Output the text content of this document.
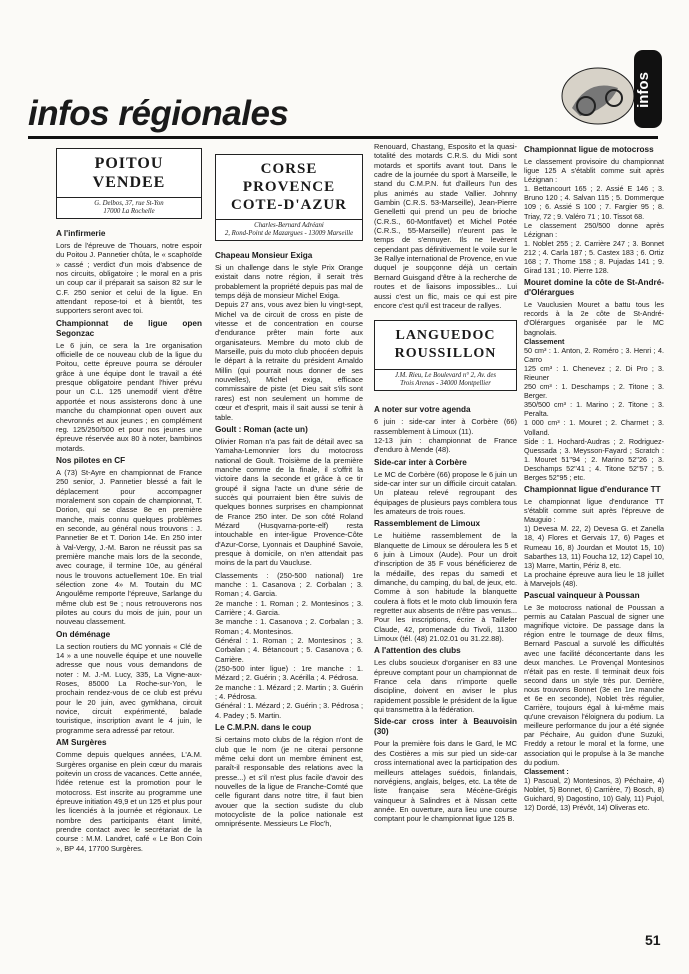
infos régionales
infos
POITOU
VENDEE
G. Delbos, 37, rue St-Yon
17000 La Rochelle
A l'infirmerie

Lors de l'épreuve de Thouars, notre espoir du Poitou J. Pannetier chûta, le « scaphoïde » cassé ; verdict d'un mois d'absence de nos circuits, obligatoire ; le moral en a pris un coup car il préparait sa saison 82 sur le C.F. 250 senior et celui de la ligue. En attendant repose-toi et à bientôt, tes supporters seront avec toi.

Championnat de ligue open Segonzac

Le 6 juin, ce sera la 1re organisation officielle de ce nouveau club de la ligue du Poitou, cette épreuve pourra se dérouler grâce à une équipe dont le travail a été presque obligatoire pendant l'hiver prévu pour un C.L. 125 unemodif vient d'être apportée et nous assisterons donc à une manche du championnat open ouvert aux chevronnés et aux jeunes ; en complément reg. 125/250/500 et pour nos jeunes une épreuve réservée aux 80 à noter, bambinos motards.

Nos pilotes en CF

A (73) St-Ayre en championnat de France 250 senior, J. Pannetier blessé a fait le déplacement pour accompagner moralement son copain de championnat, T. Dorion, qui se classe 8e en première manche, mais connu quelques problèmes en seconde, au général nous trouvons : J. Pannetier 8e et T. Dorion 14e. En 250 inter à Val-Vergy, J.-M. Baron ne réussit pas sa première manche mais lors de la seconde, avec courage, il termine 10e, au général nous le trouvons actuellement 10e. En trial sélection zone 4» M. Toutain du MC Angoulême remporte l'épreuve, Sarlange du même club est 9e ; nous retrouverons nos pilotes au cours du mois de juin, pour un nouveau classement.

On déménage

La section routiers du MC yonnais « Clé de 14 » a une nouvelle équipe et une nouvelle adresse que nous vous demandons de noter : M. J.-M. Lucy, 335, La Vigne-aux-Roses, 85000 La Roche-sur-Yon, le prochain rendez-vous de ce club est prévu pour le 20 juin, avec gymkhana, circuit novice, circuit expérimenté, balade touristique, inscription avant le 4 juin, le programme sera adressé par retour.

AM Surgères

Comme depuis quelques années, L'A.M. Surgères organise en plein cœur du marais poitevin un cross de vacances. Cette année, l'idée retenue est la promotion pour le motocross. Est inscrite au programme une épreuve initiation 49,9 et un 125 et plus pour les licenciés à la journée et régionaux. Le nombre des participants étant limité, prendre contact avec le secrétariat de la course : M.M. Landret, café « Le Bon Coin », BP 44, 17700 Surgères.

CORSE
PROVENCE
COTE-D'AZUR
Charles-Bernard Adréani
2, Rond-Point de Mazargues - 13009 Marseille
Chapeau Monsieur Exiga

Si un challenge dans le style Prix Orange existait dans notre région, il serait très probablement la propriété depuis pas mal de temps déjà de monsieur Michel Exiga.

Depuis 27 ans, vous avez bien lu vingt-sept, Michel va de circuit de cross en piste de vitesse et de concentration en course d'endurance prêter main forte aux organisateurs. Membre du moto club de Marseille, puis du moto club phocéen depuis le départ à la retraite du président Arnaldo Millin (qui pourrait nous donner de ses nouvelles), Michel exiga, efficace commissaire de piste (et Dieu sait s'ils sont rares) est non seulement un homme de cœur et d'esprit, mais il sait aussi se tenir à table.

Goult : Roman (acte un)

Olivier Roman n'a pas fait de détail avec sa Yamaha-Lemonnier lors du motocross national de Goult. Troisième de la première manche comme de la finale, il s'offrit la victoire dans la seconde et grâce à ce tir groupé il signa l'acte un d'une série de succès qui pourraient bien être suivis de quelques bonnes surprises en championnat de France 250 inter. De son côté Roland Mézard (Husqvarna-porte-elf) resta intouchable en inter-ligue Provence-Côte d'Azur-Corse, Lyonnais et Dauphiné Savoie, presque à domicile, on n'en attendait pas moins de la part du Vaucluse.

Classements : (250-500 national) 1re manche : 1. Casanova ; 2. Corbalan ; 3. Roman ; 4. Garcia.

2e manche : 1. Roman ; 2. Montesinos ; 3. Carrière ; 4. Garcia.

3e manche : 1. Casanova ; 2. Corbalan ; 3. Roman ; 4. Montesinos.

Général : 1. Roman ; 2. Montesinos ; 3. Corbalan ; 4. Bétancourt ; 5. Casanova ; 6. Carrière.

(250-500 inter ligue) : 1re manche : 1. Mézard ; 2. Guérin ; 3. Acérilla ; 4. Pédrosa.

2e manche : 1. Mézard ; 2. Martin ; 3. Guérin ; 4. Pédrosa.

Général : 1. Mézard ; 2. Guérin ; 3. Pédrosa ; 4. Padey ; 5. Martin.

Le C.M.P.N. dans le coup

Si certains moto clubs de la région n'ont de club que le nom (je ne citerai personne même celui dont un membre éminent est, paraît-il responsable des relations avec la presse...) et s'il n'est plus facile d'avoir des nouvelles de la ligue de Franche-Comté que celle figurant dans notre titre, il faut bien avouer que la section sudiste du club motocycliste de la police nationale est omniprésente. Messieurs Le Floc'h,

Renouard, Chastang, Esposito et la quasi-totalité des motards C.R.S. du Midi sont motards et sportifs avant tout. Dans le cadre de la journée du sport à Marseille, le stand du C.M.P.N. fut d'ailleurs l'un des plus animés au stade Vallier. Johnny Gambin (C.R.S. 53-Marseille), Jean-Pierre Genelletti qui prend un peu de brioche (C.R.S., 60-Montfavet) et Michel Potée (C.R.S., 55-Marseille) n'eurent pas le temps de s'ennuyer. Ils ne levèrent cependant pas définitivement le voile sur le 3e Rallye international de Provence, en vue duquel je soupçonne déjà un certain Bernard Guisgand d'être à la recherche de routes et de liaisons impossibles... Lui aussi c'est un flic, mais ce qui est pire encore c'est qu'il est traceur de rallyes.

LANGUEDOC
ROUSSILLON
J.M. Rieu, Le Boulevard n° 2, Av. des
Trois Arenas - 34000 Montpellier
A noter sur votre agenda

6 juin : side-car inter à Corbère (66) rassemblement à Limoux (11).

12-13 juin : championnat de France d'enduro à Mende (48).

Side-car inter à Corbère

Le MC de Corbère (66) propose le 6 juin un side-car inter sur un difficile circuit catalan. Un plateau relevé regroupant des équipages de plusieurs pays comblera tous les amateurs de trois roues.

Rassemblement de Limoux

Le huitième rassemblement de la Blanquette de Limoux se déroulera les 5 et 6 juin à Limoux (Aude). Pour un droit d'inscription de 35 F vous bénéficierez de la médaille, des repas du samedi et dimanche, du camping, du bal, de jeux, etc. Comme à son habitude la blanquette coulera à flots et le moto club limouxin fera regretter aux absents de n'être pas venus... Pour les inscriptions, écrire à Taillefer Claude, 42, promenade du Tivoli, 11300 Limoux (tél. (48) 21.02.01 ou 31.22.88).

A l'attention des clubs

Les clubs soucieux d'organiser en 83 une épreuve comptant pour un championnat de France cela dans n'importe quelle discipline, doivent en aviser le plus rapidement possible le président de la ligue qui transmettra à la fédération.

Side-car cross inter à Beauvoisin (30)

Pour la première fois dans le Gard, le MC des Costières a mis sur pied un side-car cross international avec la participation des meilleurs attelages suédois, finlandais, norvégiens, anglais, belges, etc. La tête de liste française sera Mécène-Grégis vainqueur à Salindres et à Nissan cette année. En ouverture, aura lieu une course comptant pour le championnat ligue 125 B.

Championnat ligue de motocross

Le classement provisoire du championnat ligue 125 A s'établit comme suit après Lézignan :

1. Bettancourt 165 ; 2. Assié E 146 ; 3. Bruno 120 ; 4. Salvan 115 ; 5. Dommerque 109 ; 6. Assié S 100 ; 7. Fargier 95 ; 8. Triay, 72 ; 9. Valéro 71 ; 10. Tissot 68.

Le classement 250/500 donne après Lézignan :

1. Noblet 255 ; 2. Carrière 247 ; 3. Bonnet 212 ; 4. Carla 187 ; 5. Castex 183 ; 6. Ortiz 168 ; 7. Thome 158 ; 8. Pujadas 141 ; 9. Girad 131 ; 10. Pierre 128.

Mouret domine la côte de St-André-d'Olérargues

Le Vauclusien Mouret a battu tous les records à la 2e côte de St-André-d'Olérargues organisée par le MC bagnolais.

Classement

50 cm³ : 1. Anton, 2. Roméro ; 3. Henri ; 4. Carro

125 cm³ : 1. Chenevez ; 2. Di Pro ; 3. Rieuner

250 cm³ : 1. Deschamps ; 2. Titone ; 3. Berger.

350/500 cm³ : 1. Marino ; 2. Titone ; 3. Peralta.

1 000 cm³ : 1. Mouret ; 2. Charmet ; 3. Volland.

Side : 1. Hochard-Audras ; 2. Rodriguez-Quessada ; 3. Meysson-Fayard ; Scratch : 1. Mouret 51''94 ; 2. Marino 52''26 ; 3. Deschamps 52''41 ; 4. Titone 52''57 ; 5. Berges 52''95 ; etc.

Championnat ligue d'endurance TT

Le championnat ligue d'endurance TT s'établit comme suit après l'épreuve de Mauguio :

1) Devesa M. 22, 2) Devesa G. et Zanella 18, 4) Flores et Gervais 17, 6) Pages et Rumeau 16, 8) Jourdan et Moutot 15, 10) Sabarthes 13, 11) Foucha 12, 12) Capel 10, 13) Marre, Martin, Périz 8, etc.

La prochaine épreuve aura lieu le 18 juillet à Marvejols (48).

Pascual vainqueur à Poussan

Le 3e motocross national de Poussan a permis au Catalan Pascual de signer une magnifique victoire. De passage dans la région entre le tournage de deux films, Bernard Pascual a survolé les difficultés avec une facilité déconcertante dans les deux manches. Le Provençal Montesinos n'était pas en reste. Il terminait deux fois second dans un style très pur. Derrière, nous trouvons Bonnet (3e en 1re manche et 6e en seconde), Noblet très régulier, Carrière, toujours égal à lui-même mais qu'une crevaison l'éloignera du podium. La meilleure performance du jour a été signée par Péchaire, Au guidon d'une Suzuki, Freddy a retour le moral et la forme, une association qui le propulse à la 3e manche du podium.

Classement :

1) Pascual, 2) Montesinos, 3) Péchaire, 4) Noblet, 5) Bonnet, 6) Carrière, 7) Bosch, 8) Guichard, 9) Dagostino, 10) Galy, 11) Pujol, 12) Dordé, 13) Prévôt, 14) Oliveras etc.

51
